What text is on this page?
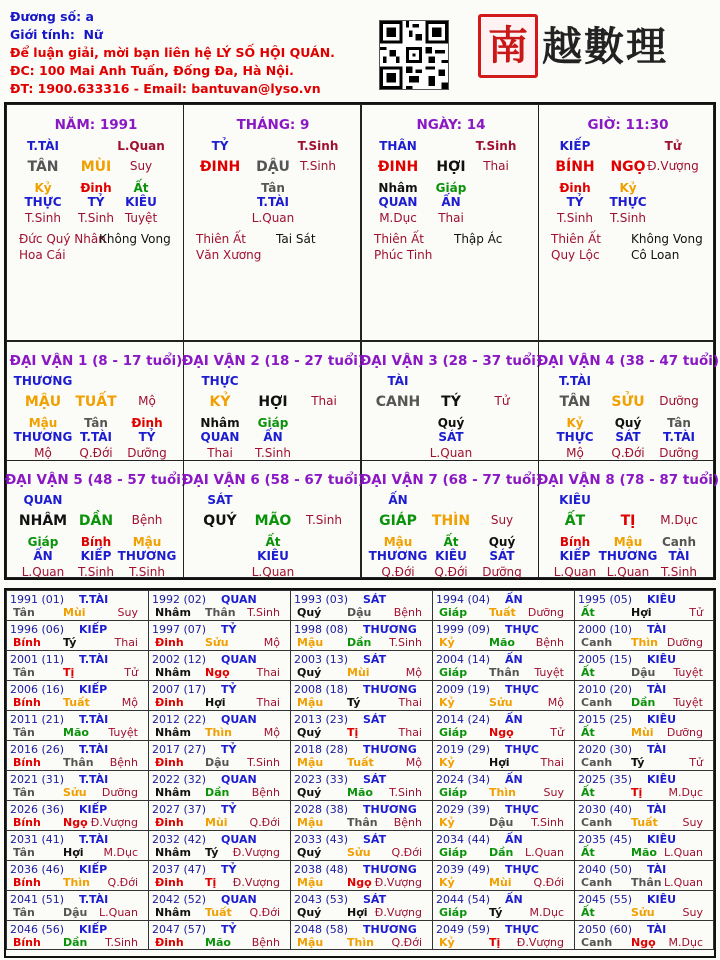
Đương số: a
Giới tính: Nữ
Để luận giải, mời bạn liên hệ LÝ SỐ HỘI QUÁN.
ĐC: 100 Mai Anh Tuấn, Đống Đa, Hà Nội.
ĐT: 1900.633316 - Email: bantuvan@lyso.vn
南 越數理
NĂM: 1991
T.TÀI	L.Quan
TÂN MÙI Suy
Kỷ
THỰC
T.Sinh
Đinh
TỶ
T.Sinh
Ất
KIÊU
Tuyệt
Đức Quý Nhân
Không Vong
Hoa Cái
THÁNG: 9
TỶ	T.Sinh
ĐINH DẬU T.Sinh
Tân
T.TÀI
L.Quan
Thiên Ất	Tai Sát
Văn Xương
NGÀY: 14
THÂN	T.Sinh
ĐINH HỢI Thai
Nhâm
QUAN
M.Dục
Giáp
ẤN
Thai
Thiên Ất	Thập Ác
Phúc Tinh
GIỜ: 11:30
KIẾP	Tử
BÍNH NGỌ Đ.Vượng
Đinh
TỶ
T.Sinh
Kỷ
THỰC
T.Sinh
Thiên Ất	Không Vong
Quy Lộc	Cô Loan
ĐẠI VẬN 1 (8 - 17 tuổi)
THƯƠNG
MẬU TUẤT Mộ
Mậu
THƯƠNG
Mộ
Tân
T.TÀI
Q.Đới
Đinh
TỶ
Dưỡng
ĐẠI VẬN 2 (18 - 27 tuổi)
THỰC
KỶ HỢI Thai
Nhâm
QUAN
Thai
Giáp
ẤN
T.Sinh
ĐẠI VẬN 3 (28 - 37 tuổi)
TÀI
CANH TÝ	Tử
Quý
SÁT
L.Quan
ĐẠI VẬN 4 (38 - 47 tuổi)
T.TÀI
TÂN SỬU Dưỡng
Kỷ
THỰC
Mộ
Quý
SÁT
Q.Đới
Tân
T.TÀI
Dưỡng
ĐẠI VẬN 5 (48 - 57 tuổi)
QUAN
NHÂM DẦN Bệnh
Giáp
ẤN
L.Quan
Bính
KIẾP
T.Sinh
Mậu
THƯƠNG
T.Sinh
ĐẠI VẬN 6 (58 - 67 tuổi)
SÁT
QUÝ MÃO T.Sinh
Ất
KIÊU
L.Quan
ĐẠI VẬN 7 (68 - 77 tuổi)
ẤN
GIÁP THÌN Suy
Mậu
THƯƠNG
Q.Đới
Ất
KIÊU
Q.Đới
Quý
SÁT
Dưỡng
ĐẠI VẬN 8 (78 - 87 tuổi)
KIÊU
ẤT	TỊ M.Dục
Bính
KIẾP
L.Quan
Mậu
THƯƠNG
L.Quan
Canh
TÀI
T.Sinh
1991 (01) T.TÀI
Tân	Mùi	Suy
1992 (02) QUAN
Nhâm Thân T.Sinh
1993 (03) SÁT
Quý Dậu Bệnh
1994 (04) ẤN
Giáp Tuất Dưỡng
1995 (05) KIÊU
Ất	Hợi	Tử
1996 (06) KIẾP
Bính Tý	Thai
1997 (07) TỶ
Đinh Sửu	Mộ
1998 (08) THƯƠNG
Mậu Dần T.Sinh
1999 (09) THỰC
Kỷ	Mão Bệnh
2000 (10) TÀI
Canh Thìn Dưỡng
2001 (11) T.TÀI
Tân	Tị	Tử
2002 (12) QUAN
Nhâm Ngọ Thai
2003 (13) SÁT
Quý Mùi	Mộ
2004 (14) ẤN
Giáp Thân Tuyệt
2005 (15) KIÊU
Ất	Dậu Tuyệt
2006 (16) KIẾP
Bính Tuất	Mộ
2007 (17) TỶ
Đinh Hợi	Thai
2008 (18) THƯƠNG
Mậu Tý	Thai
2009 (19) THỰC
Kỷ	Sửu	Mộ
2010 (20) TÀI
Canh Dần Tuyệt
2011 (21) T.TÀI
Tân	Mão Tuyệt
2012 (22) QUAN
Nhâm Thìn	Mộ
2013 (23) SÁT
Quý Tị	Thai
2014 (24) ẤN
Giáp Ngọ	Tử
2015 (25) KIÊU
Ất	Mùi Dưỡng
2016 (26) T.TÀI
Bính Thân Bệnh
2017 (27) TỶ
Đinh Dậu T.Sinh
2018 (28) THƯƠNG
Mậu Tuất	Mộ
2019 (29) THỰC
Kỷ	Hợi	Thai
2020 (30) TÀI
Canh Tý	Tử
2021 (31) T.TÀI
Tân	Sửu Dưỡng
2022 (32) QUAN
Nhâm Dần Bệnh
2023 (33) SÁT
Quý Mão T.Sinh
2024 (34) ẤN
Giáp Thìn	Suy
2025 (35) KIÊU
Ất	Tị M.Dục
2026 (36) KIẾP
Bính Ngọ Đ.Vượng
2027 (37) TỶ
Đinh Mùi Q.Đới
2028 (38) THƯƠNG
Mậu Thân Bệnh
2029 (39) THỰC
Kỷ	Dậu T.Sinh
2030 (40) TÀI
Canh Tuất Suy
2031 (41) T.TÀI
Tân	Hợi M.Dục
2032 (42) QUAN
Nhâm Tý Đ.Vượng
2033 (43) SÁT
Quý Sửu Q.Đới
2034 (44) ẤN
Giáp Dần L.Quan
2035 (45) KIÊU
Ất	Mão L.Quan
2036 (46) KIẾP
Bính Thìn Q.Đới
2037 (47) TỶ
Đinh Tị Đ.Vượng
2038 (48) THƯƠNG
Mậu Ngọ Đ.Vượng
2039 (49) THỰC
Kỷ	Mùi Q.Đới
2040 (50) TÀI
Canh Thân L.Quan
2041 (51) T.TÀI
Tân	Dậu L.Quan
2042 (52) QUAN
Nhâm Tuất Q.Đới
2043 (53) SÁT
Quý Hợi Đ.Vượng
2044 (54) ẤN
Giáp Tý M.Dục
2045 (55) KIÊU
Ất	Sửu	Suy
2046 (56) KIẾP
Bính Dần T.Sinh
2047 (57) TỶ
Đinh Mão Bệnh
2048 (58) THƯƠNG
Mậu Thìn Q.Đới
2049 (59) THỰC
Kỷ	Tị Đ.Vượng
2050 (60) TÀI
Canh Ngọ M.Dục
